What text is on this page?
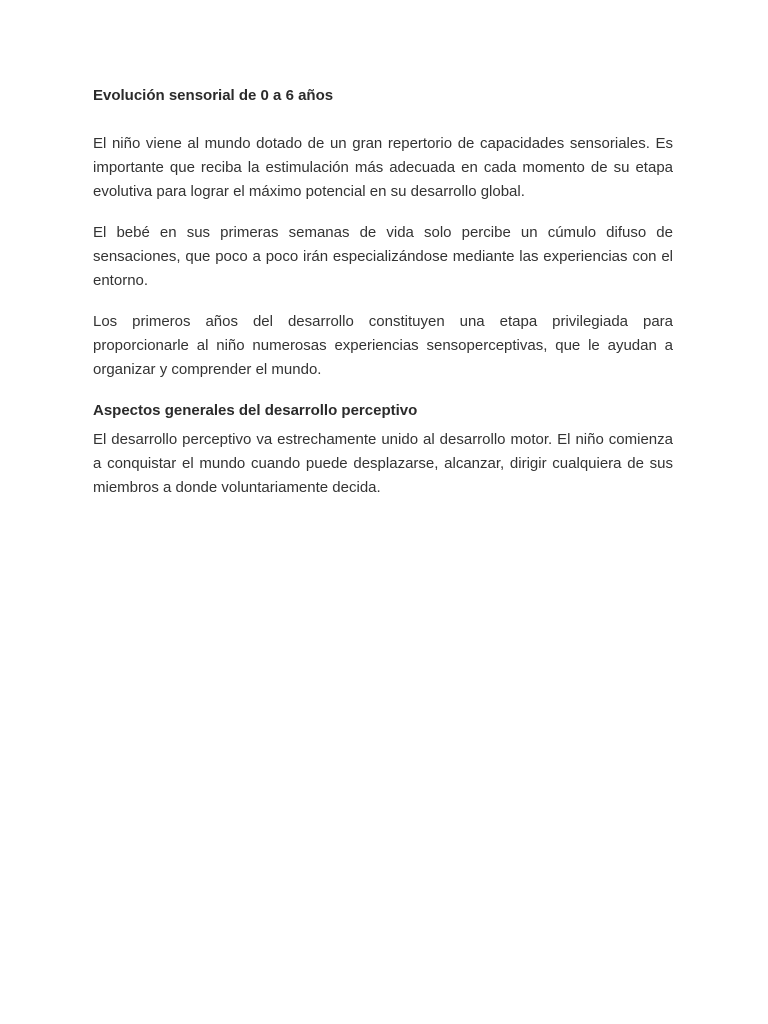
Evolución sensorial de 0 a 6 años

El niño viene al mundo dotado de un gran repertorio de capacidades sensoriales. Es importante que reciba la estimulación más adecuada en cada momento de su etapa evolutiva para lograr el máximo potencial en su desarrollo global.

El bebé en sus primeras semanas de vida solo percibe un cúmulo difuso de sensaciones, que poco a poco irán especializándose mediante las experiencias con el entorno.

Los primeros años del desarrollo constituyen una etapa privilegiada para proporcionarle al niño numerosas experiencias sensoperceptivas, que le ayudan a organizar y comprender el mundo.

Aspectos generales del desarrollo perceptivo

El desarrollo perceptivo va estrechamente unido al desarrollo motor. El niño comienza a conquistar el mundo cuando puede desplazarse, alcanzar, dirigir cualquiera de sus miembros a donde voluntariamente decida.
